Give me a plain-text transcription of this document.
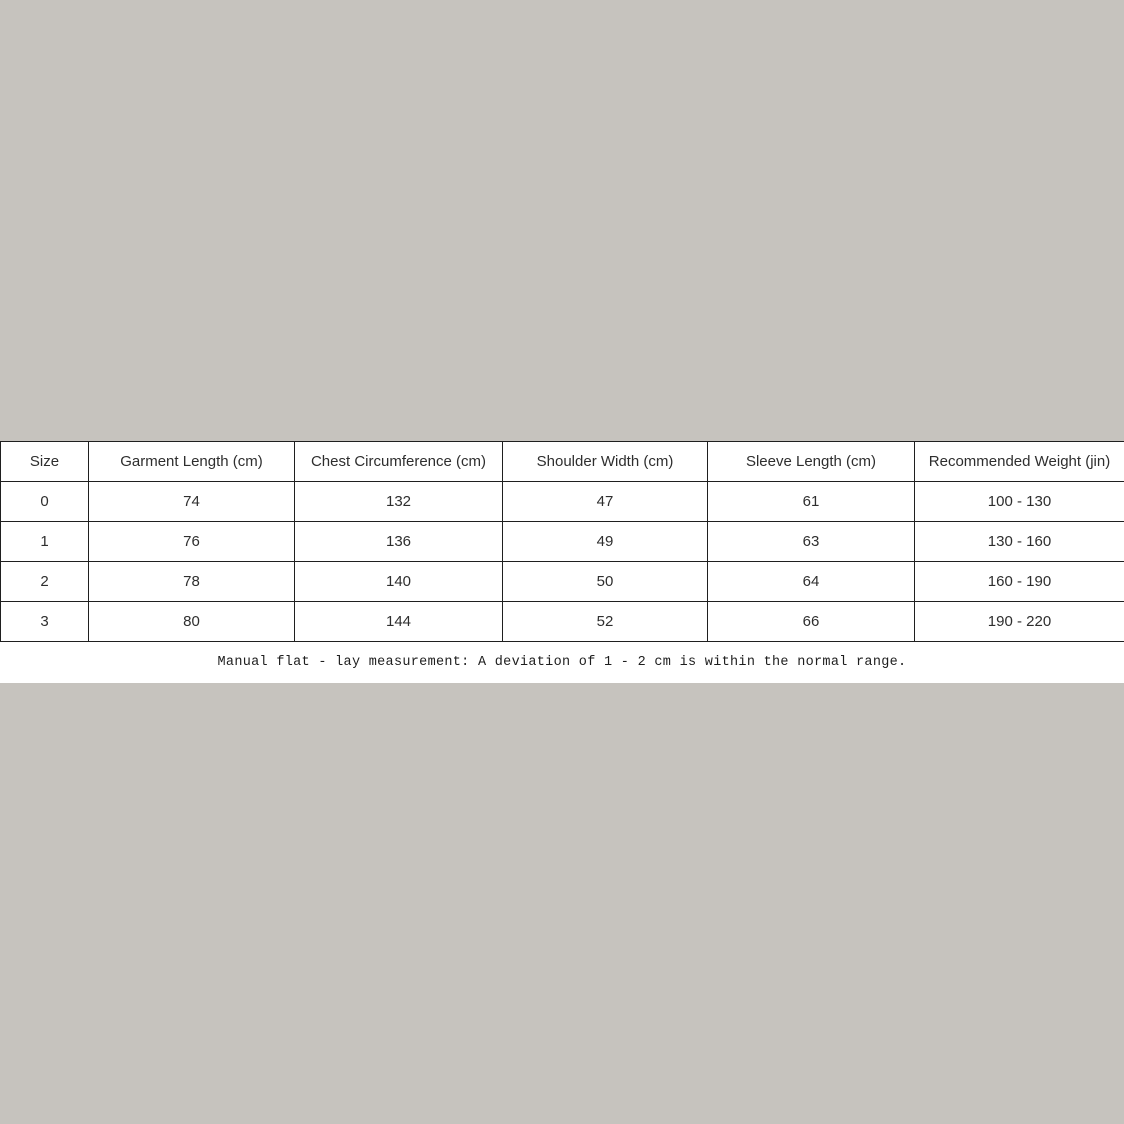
Size	Garment Length (cm)	Chest Circumference (cm)	Shoulder Width (cm)	Sleeve Length (cm)	Recommended Weight (jin)
0	74	132	47	61	100 - 130
1	76	136	49	63	130 - 160
2	78	140	50	64	160 - 190
3	80	144	52	66	190 - 220
Manual flat - lay measurement: A deviation of 1 - 2 cm is within the normal range.
